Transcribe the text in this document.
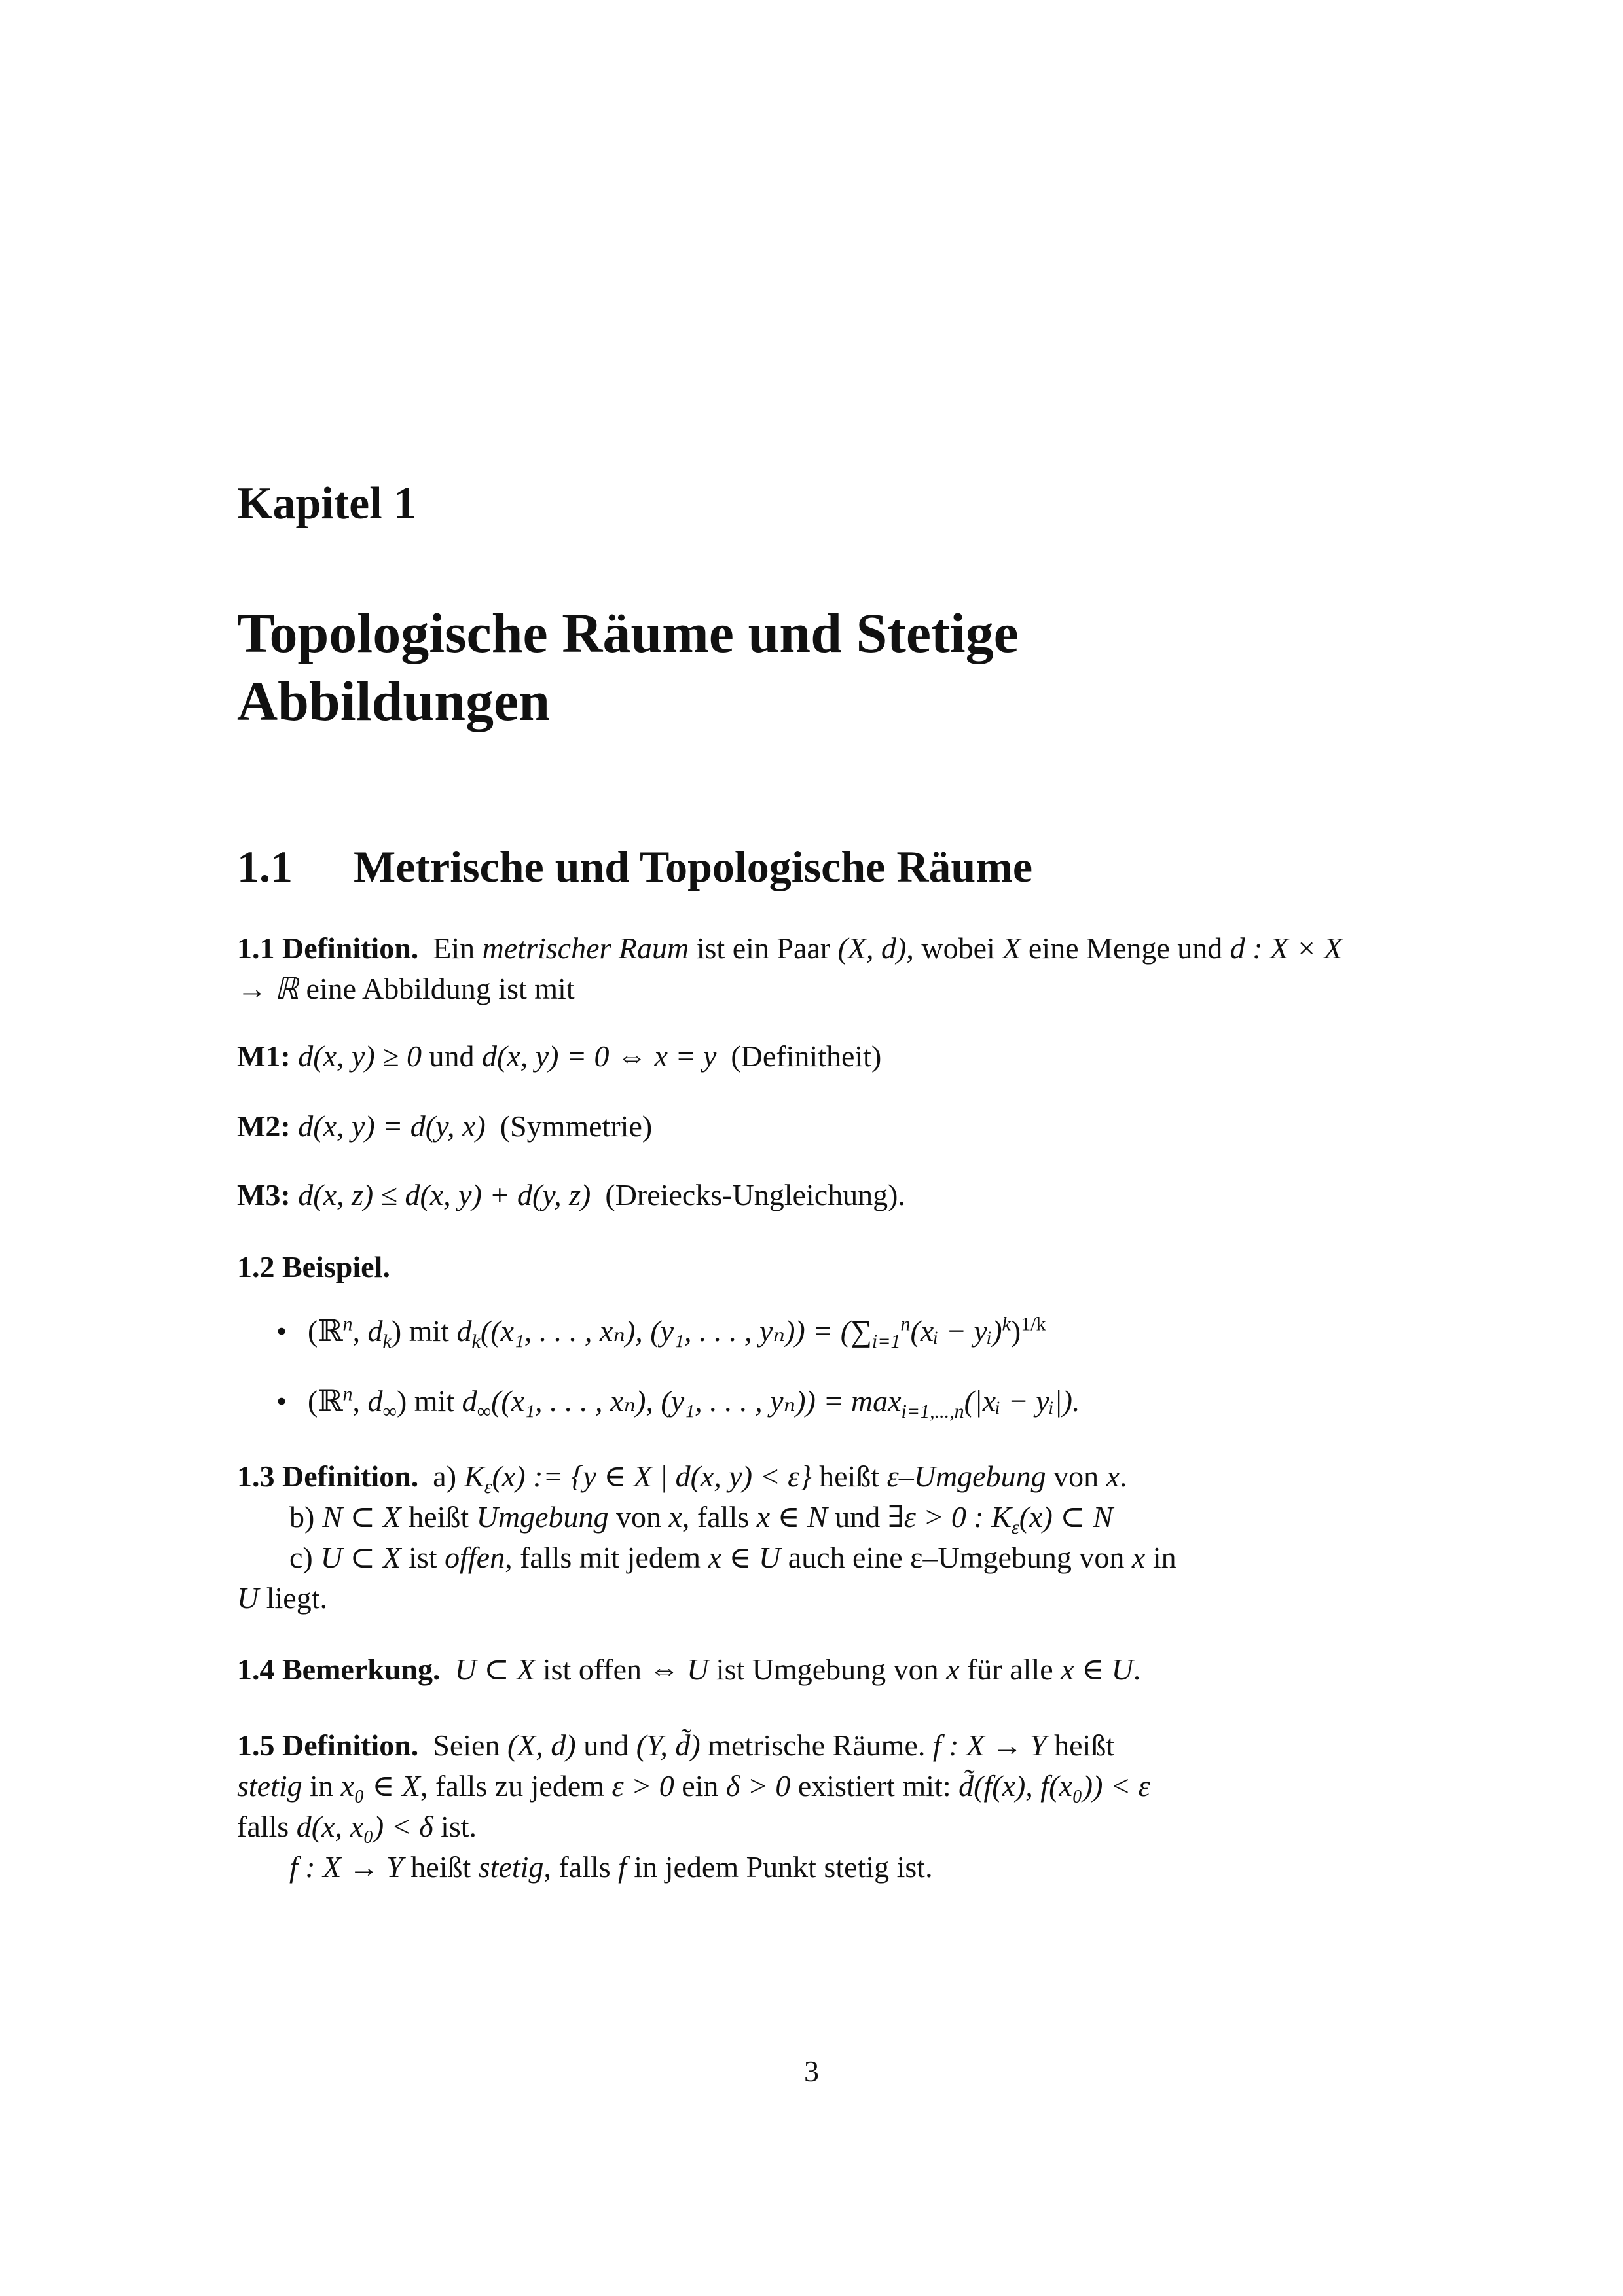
Kapitel 1
Topologische Räume und Stetige
Abbildungen
1.1 Metrische und Topologische Räume

1.1 Definition. Ein metrischer Raum ist ein Paar (X, d), wobei X eine Menge und d : X × X → ℝ eine Abbildung ist mit

M1: d(x, y) ≥ 0 und d(x, y) = 0 ⇔ x = y (Definitheit)

M2: d(x, y) = d(y, x) (Symmetrie)

M3: d(x, z) ≤ d(x, y) + d(y, z) (Dreiecks-Ungleichung).

1.2 Beispiel.

• (ℝ$^n$, $d_k$) mit $d_k((x_1$, . . . , xₙ), (y₁, . . . , $y_n)) = (\sum_{i=1}^n(xᵢ$ − yᵢ)$^k$)$^{1/k}$

• (ℝ$^n$, $d_\infty$) mit $d_\infty((x_1$, . . . , xₙ), (y₁, . . . , $y_n)) = \max_{i=1,...,n}(|xᵢ$ − yᵢ|).

1.3 Definition. a) $K_\varepsilon(x)$ := {y ∈ X | d(x, y) < ε} heißt ε–Umgebung von x.
b) N ⊂ X heißt Umgebung von x, falls x ∈ N und ∃ε > 0 : $K_\varepsilon(x)$ ⊂ N
c) U ⊂ X ist offen, falls mit jedem x ∈ U auch eine ε–Umgebung von x in
U liegt.

1.4 Bemerkung. U ⊂ X ist offen ⇔ U ist Umgebung von x für alle x ∈ U.

1.5 Definition. Seien (X, d) und (Y, d̃) metrische Räume. f : X → Y heißt
stetig in x₀ ∈ X, falls zu jedem ε > 0 ein δ > 0 existiert mit: d̃(f(x), f(x₀)) < ε
falls d(x, x₀) < δ ist.
f : X → Y heißt stetig, falls f in jedem Punkt stetig ist.

3
